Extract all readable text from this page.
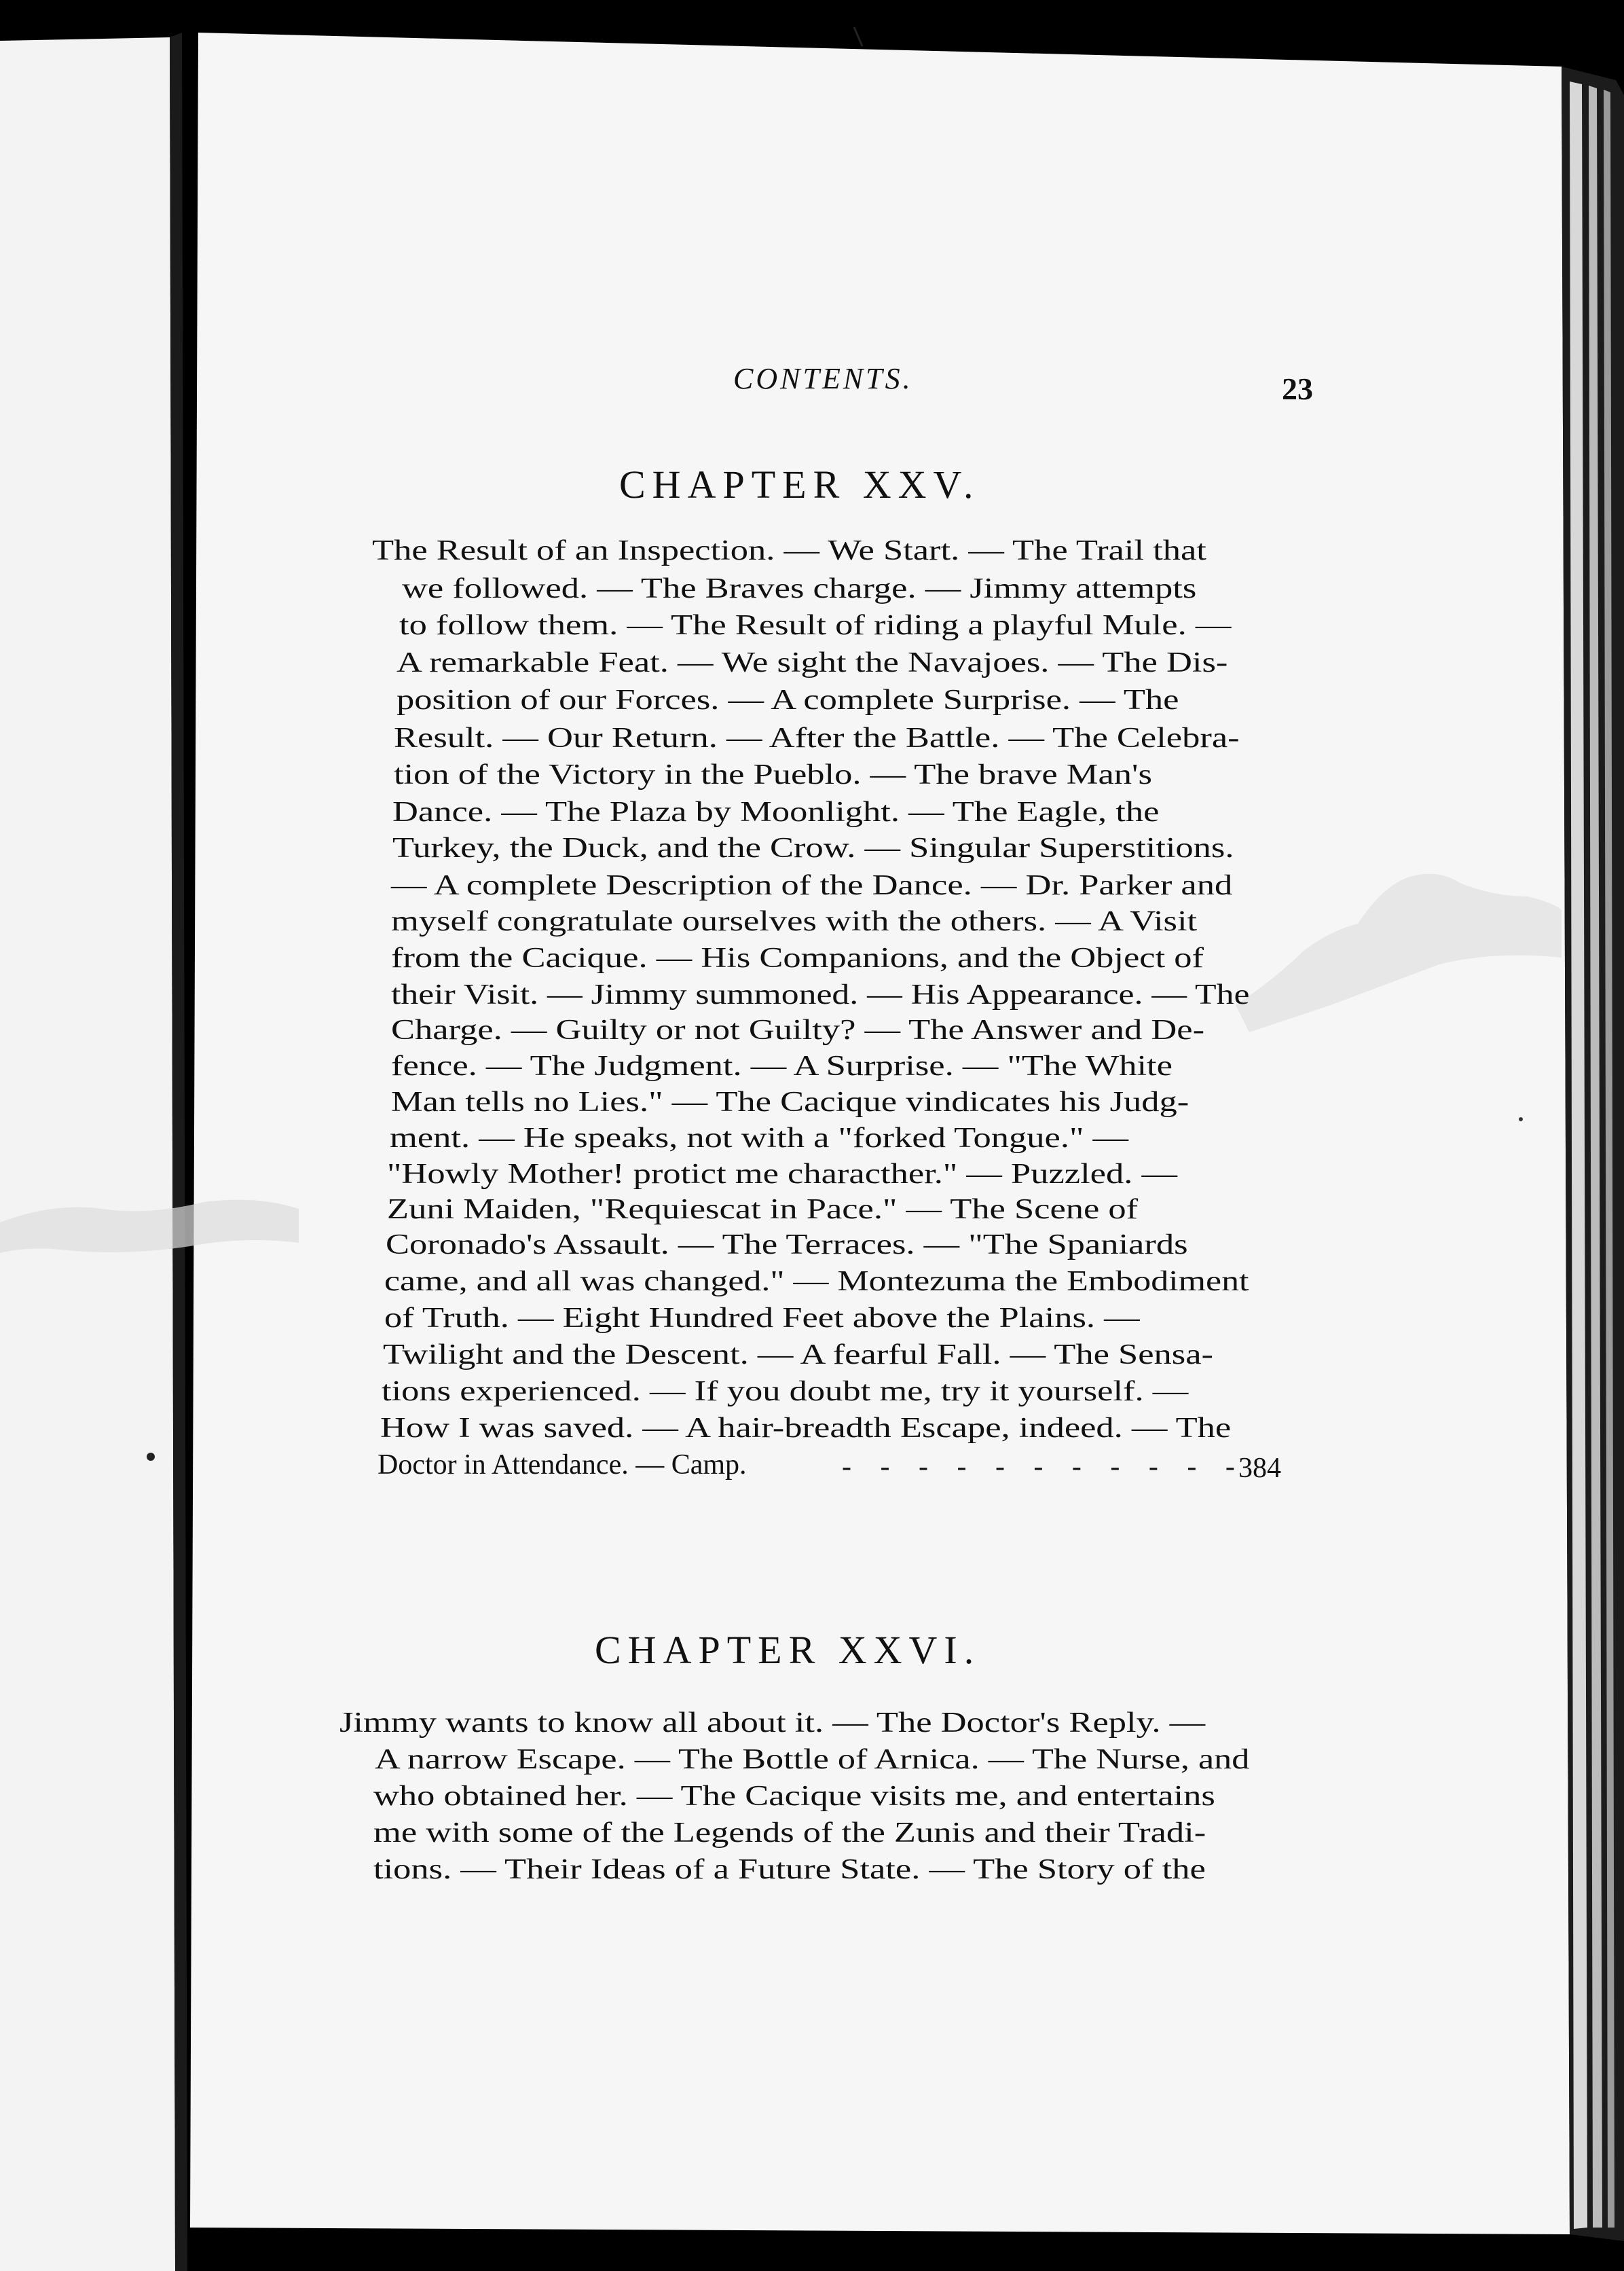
CONTENTS.	23
CHAPTER XXV.
The Result of an Inspection. — We Start. — The Trail that
we followed. — The Braves charge. — Jimmy attempts
to follow them. — The Result of riding a playful Mule. —
A remarkable Feat. — We sight the Navajoes. — The Dis-
position of our Forces. — A complete Surprise. — The
Result. — Our Return. — After the Battle. — The Celebra-
tion of the Victory in the Pueblo. — The brave Man's
Dance. — The Plaza by Moonlight. — The Eagle, the
Turkey, the Duck, and the Crow. — Singular Superstitions.
— A complete Description of the Dance. — Dr. Parker and
myself congratulate ourselves with the others. — A Visit
from the Cacique. — His Companions, and the Object of
their Visit. — Jimmy summoned. — His Appearance. — The
Charge. — Guilty or not Guilty? — The Answer and De-
fence. — The Judgment. — A Surprise. — "The White
Man tells no Lies." — The Cacique vindicates his Judg-
ment. — He speaks, not with a "forked Tongue." —
"Howly Mother! protict me characther." — Puzzled. —
Zuni Maiden, "Requiescat in Pace." — The Scene of
Coronado's Assault. — The Terraces. — "The Spaniards
came, and all was changed." — Montezuma the Embodiment
of Truth. — Eight Hundred Feet above the Plains. —
Twilight and the Descent. — A fearful Fall. — The Sensa-
tions experienced. — If you doubt me, try it yourself. —
How I was saved. — A hair-breadth Escape, indeed. — The
Doctor in Attendance. — Camp.	- - - - - - - - - - -
384
CHAPTER XXVI.
Jimmy wants to know all about it. — The Doctor's Reply. —
A narrow Escape. — The Bottle of Arnica. — The Nurse, and
who obtained her. — The Cacique visits me, and entertains
me with some of the Legends of the Zunis and their Tradi-
tions. — Their Ideas of a Future State. — The Story of the
